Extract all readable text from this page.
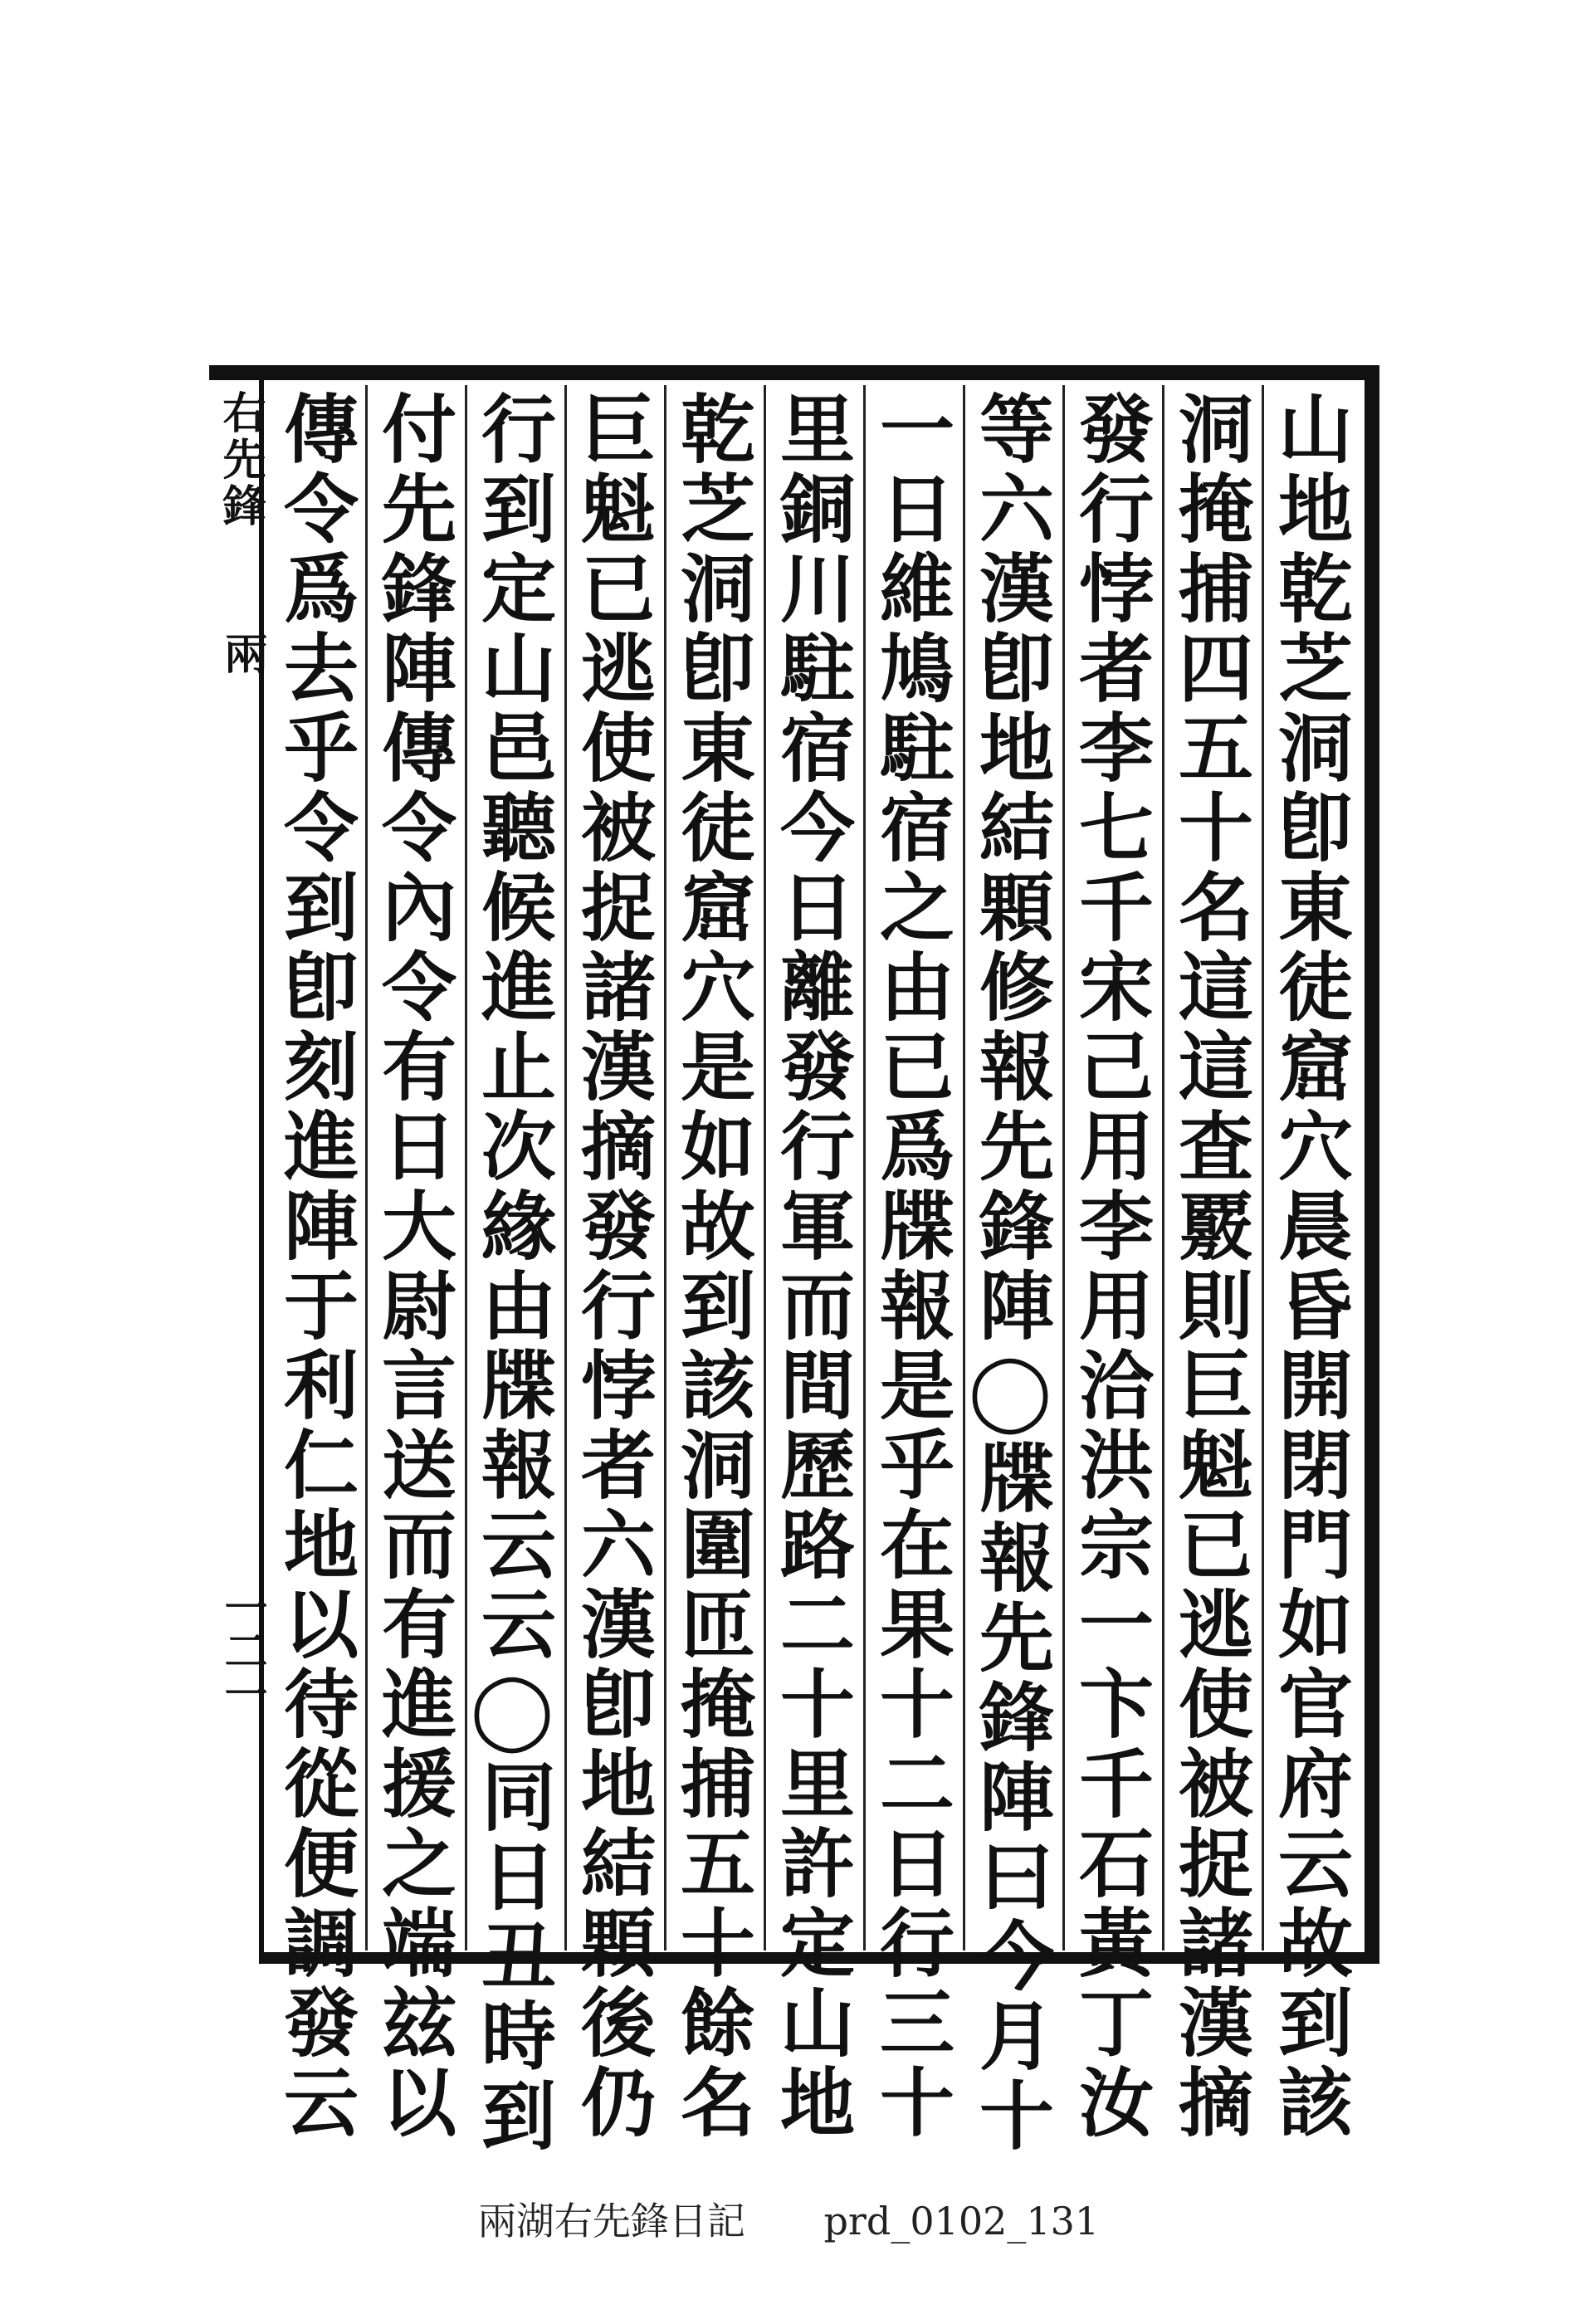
右先鋒
兩
一二一	山地乾芝洞卽東徒窟穴晨昏開閉門如官府云故到該
洞掩捕四五十名這這査覈則巨魁已逃使被捉諸漢摘
發行悖者李七千宋己用李用洽洪宗一卞千石黃丁汝
等六漢卽地結顆修報先鋒陣◯牒報先鋒陣曰今月十
一日維鳩駐宿之由已爲牒報是乎在果十二日行三十
里銅川駐宿今日離發行軍而間歷路二十里許定山地
乾芝洞卽東徒窟穴是如故到該洞圍匝掩捕五十餘名
巨魁已逃使被捉諸漢摘發行悖者六漢卽地結顆後仍
行到定山邑聽候進止次緣由牒報云云◯同日丑時到
付先鋒陣傳令內令有日大尉言送而有進援之端玆以
傳令爲去乎令到卽刻進陣于利仁地以待從便調發云
兩湖右先鋒日記 prd_0102_131
